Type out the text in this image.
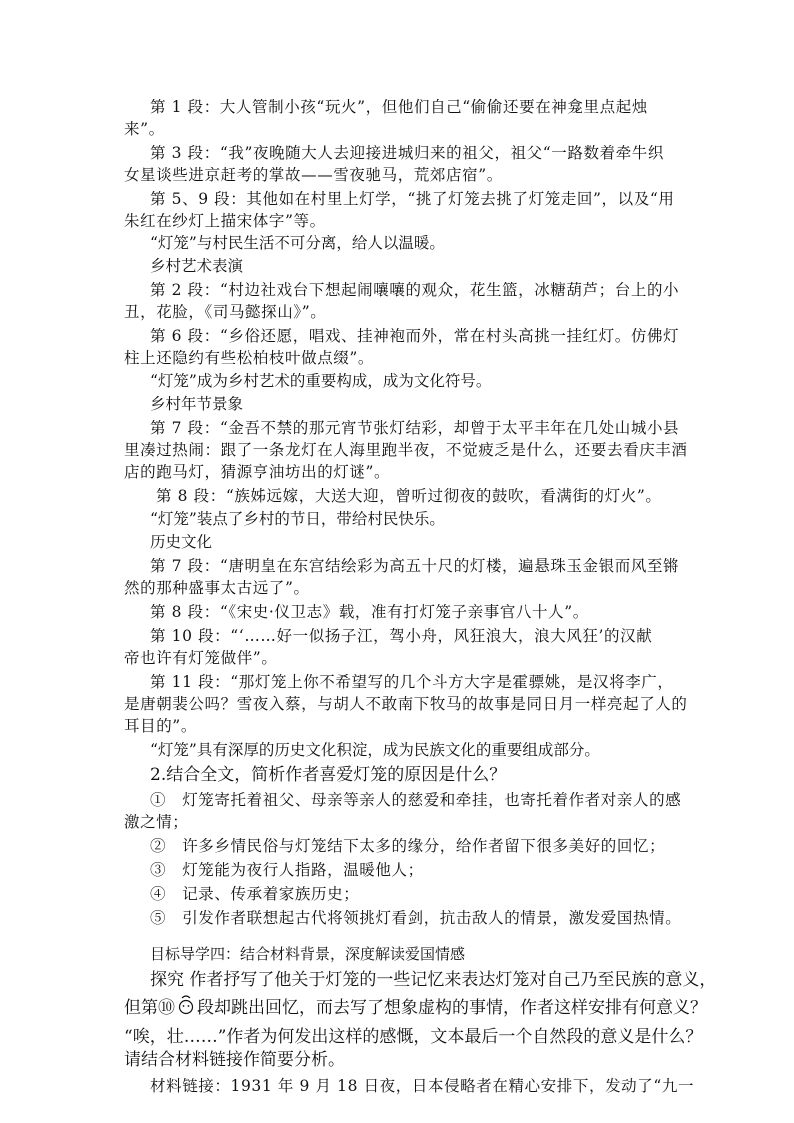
第 1 段：大人管制小孩“玩火”，但他们自己“偷偷还要在神龛里点起烛
来”。
第 3 段：“我”夜晚随大人去迎接进城归来的祖父，祖父“一路数着牵牛织
女星谈些进京赶考的掌故——雪夜驰马，荒郊店宿”。
第 5、9 段：其他如在村里上灯学，“挑了灯笼去挑了灯笼走回”，以及“用
朱红在纱灯上描宋体字”等。
“灯笼”与村民生活不可分离，给人以温暖。
乡村艺术表演
第 2 段：“村边社戏台下想起闹嚷嚷的观众，花生篮，冰糖葫芦；台上的小
丑，花脸，《司马懿探山》”。
第 6 段：“乡俗还愿，唱戏、挂神袍而外，常在村头高挑一挂红灯。仿佛灯
柱上还隐约有些松柏枝叶做点缀”。
“灯笼”成为乡村艺术的重要构成，成为文化符号。
乡村年节景象
第 7 段：“金吾不禁的那元宵节张灯结彩，却曾于太平丰年在几处山城小县
里凑过热闹：跟了一条龙灯在人海里跑半夜，不觉疲乏是什么，还要去看庆丰酒
店的跑马灯，猜源亨油坊出的灯谜”。
第 8 段：“族姊远嫁，大送大迎，曾听过彻夜的鼓吹，看满街的灯火”。
“灯笼”装点了乡村的节日，带给村民快乐。
历史文化
第 7 段：“唐明皇在东宫结绘彩为高五十尺的灯楼，遍悬珠玉金银而风至锵
然的那种盛事太古远了”。
第 8 段：“《宋史·仪卫志》载，准有打灯笼子亲事官八十人”。
第 10 段：“‘……好一似扬子江，驾小舟，风狂浪大，浪大风狂’的汉献
帝也许有灯笼做伴”。
第 11 段：“那灯笼上你不希望写的几个斗方大字是霍骠姚，是汉将李广，
是唐朝裴公吗？雪夜入蔡，与胡人不敢南下牧马的故事是同日月一样亮起了人的
耳目的”。
“灯笼”具有深厚的历史文化积淀，成为民族文化的重要组成部分。
2.结合全文，简析作者喜爱灯笼的原因是什么？
①　灯笼寄托着祖父、母亲等亲人的慈爱和牵挂，也寄托着作者对亲人的感
激之情；
②　许多乡情民俗与灯笼结下太多的缘分，给作者留下很多美好的回忆；
③　灯笼能为夜行人指路，温暖他人；
④　记录、传承着家族历史；
⑤　引发作者联想起古代将领挑灯看剑，抗击敌人的情景，激发爱国热情。
目标导学四：结合材料背景，深度解读爱国情感
探究 作者抒写了他关于灯笼的一些记忆来表达灯笼对自己乃至民族的意义，
但第⑩ 段却跳出回忆，而去写了想象虚构的事情，作者这样安排有何意义？
“唉，壮……”作者为何发出这样的感慨，文本最后一个自然段的意义是什么？
请结合材料链接作简要分析。
材料链接：1931 年 9 月 18 日夜，日本侵略者在精心安排下，发动了“九一
